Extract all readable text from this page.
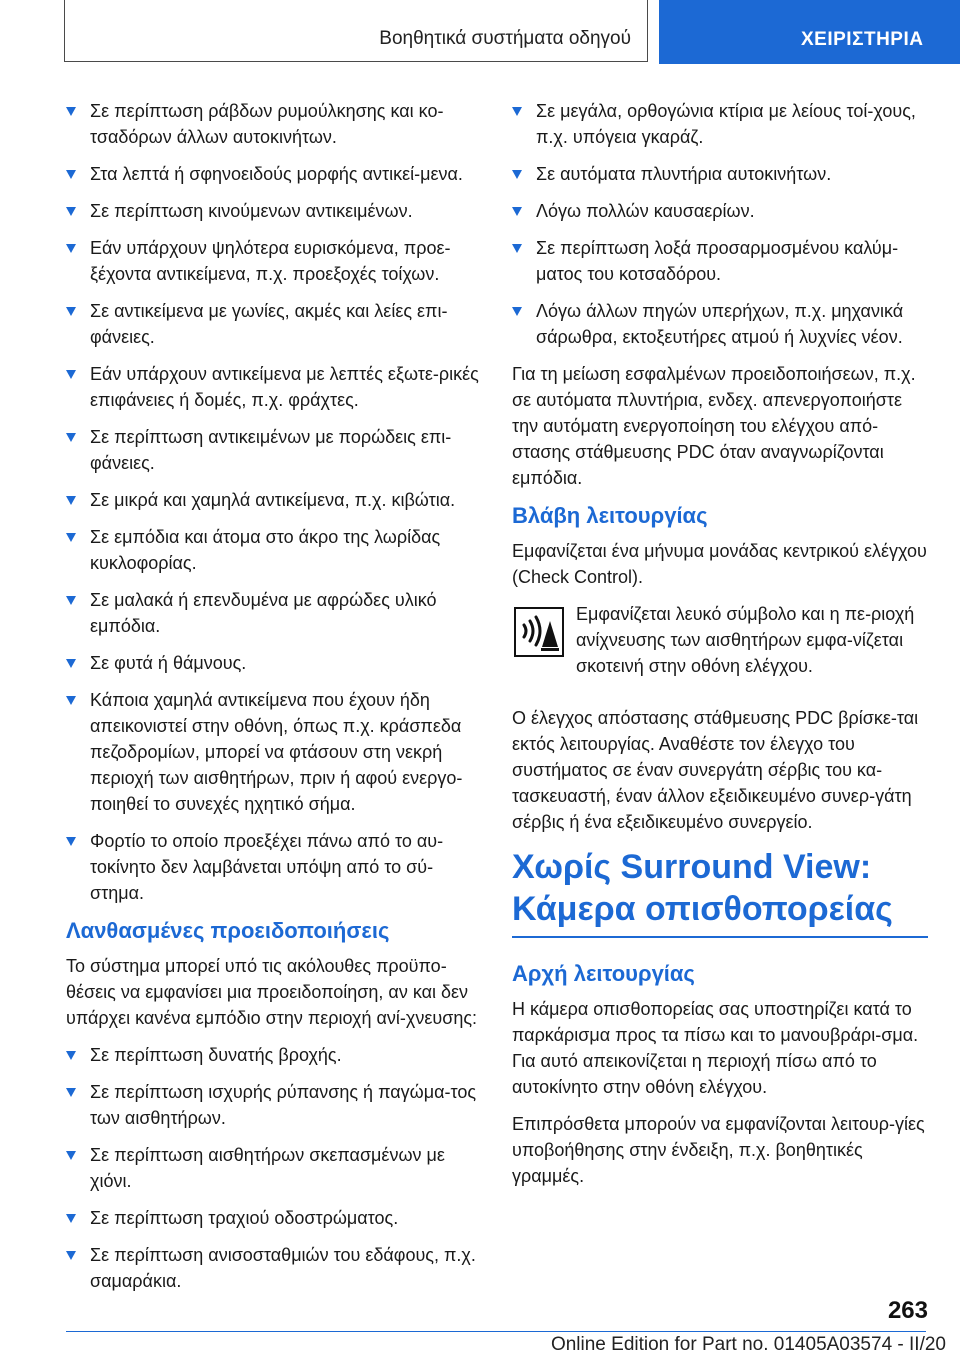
Βοηθητικά συστήματα οδηγού	ΧΕΙΡΙΣΤΗΡΙΑ
Σε περίπτωση ράβδων ρυμούλκησης και κο-τσαδόρων άλλων αυτοκινήτων.
Στα λεπτά ή σφηνοειδούς μορφής αντικεί-μενα.
Σε περίπτωση κινούμενων αντικειμένων.
Εάν υπάρχουν ψηλότερα ευρισκόμενα, προε-ξέχοντα αντικείμενα, π.χ. προεξοχές τοίχων.
Σε αντικείμενα με γωνίες, ακμές και λείες επι-φάνειες.
Εάν υπάρχουν αντικείμενα με λεπτές εξωτε-ρικές επιφάνειες ή δομές, π.χ. φράχτες.
Σε περίπτωση αντικειμένων με πορώδεις επι-φάνειες.
Σε μικρά και χαμηλά αντικείμενα, π.χ. κιβώτια.
Σε εμπόδια και άτομα στο άκρο της λωρίδας κυκλοφορίας.
Σε μαλακά ή επενδυμένα με αφρώδες υλικό εμπόδια.
Σε φυτά ή θάμνους.
Κάποια χαμηλά αντικείμενα που έχουν ήδη απεικονιστεί στην οθόνη, όπως π.χ. κράσπεδα πεζοδρομίων, μπορεί να φτάσουν στη νεκρή περιοχή των αισθητήρων, πριν ή αφού ενεργο-ποιηθεί το συνεχές ηχητικό σήμα.
Φορτίο το οποίο προεξέχει πάνω από το αυ-τοκίνητο δεν λαμβάνεται υπόψη από το σύ-στημα.
Λανθασμένες προειδοποιήσεις

Το σύστημα μπορεί υπό τις ακόλουθες προϋπο-θέσεις να εμφανίσει μια προειδοποίηση, αν και δεν υπάρχει κανένα εμπόδιο στην περιοχή ανί-χνευσης:

Σε περίπτωση δυνατής βροχής.
Σε περίπτωση ισχυρής ρύπανσης ή παγώμα-τος των αισθητήρων.
Σε περίπτωση αισθητήρων σκεπασμένων με χιόνι.
Σε περίπτωση τραχιού οδοστρώματος.
Σε περίπτωση ανισοσταθμιών του εδάφους, π.χ. σαμαράκια.
Σε μεγάλα, ορθογώνια κτίρια με λείους τοί-χους, π.χ. υπόγεια γκαράζ.
Σε αυτόματα πλυντήρια αυτοκινήτων.
Λόγω πολλών καυσαερίων.
Σε περίπτωση λοξά προσαρμοσμένου καλύμ-ματος του κοτσαδόρου.
Λόγω άλλων πηγών υπερήχων, π.χ. μηχανικά σάρωθρα, εκτοξευτήρες ατμού ή λυχνίες νέον.

Για τη μείωση εσφαλμένων προειδοποιήσεων, π.χ. σε αυτόματα πλυντήρια, ενδεχ. απενεργοποιήστε την αυτόματη ενεργοποίηση του ελέγχου από-στασης στάθμευσης PDC όταν αναγνωρίζονται εμπόδια.

Βλάβη λειτουργίας

Εμφανίζεται ένα μήνυμα μονάδας κεντρικού ελέγχου (Check Control).

Εμφανίζεται λευκό σύμβολο και η πε-ριοχή ανίχνευσης των αισθητήρων εμφα-νίζεται σκοτεινή στην οθόνη ελέγχου.

Ο έλεγχος απόστασης στάθμευσης PDC βρίσκε-ται εκτός λειτουργίας. Αναθέστε τον έλεγχο του συστήματος σε έναν συνεργάτη σέρβις του κα-τασκευαστή, έναν άλλον εξειδικευμένο συνερ-γάτη σέρβις ή ένα εξειδικευμένο συνεργείο.

Χωρίς Surround View: Κάμερα οπισθοπορείας
Αρχή λειτουργίας

Η κάμερα οπισθοπορείας σας υποστηρίζει κατά το παρκάρισμα προς τα πίσω και το μανουβράρι-σμα. Για αυτό απεικονίζεται η περιοχή πίσω από το αυτοκίνητο στην οθόνη ελέγχου.

Επιπρόσθετα μπορούν να εμφανίζονται λειτουρ-γίες υποβοήθησης στην ένδειξη, π.χ. βοηθητικές γραμμές.

263
Online Edition for Part no. 01405A03574 - II/20
